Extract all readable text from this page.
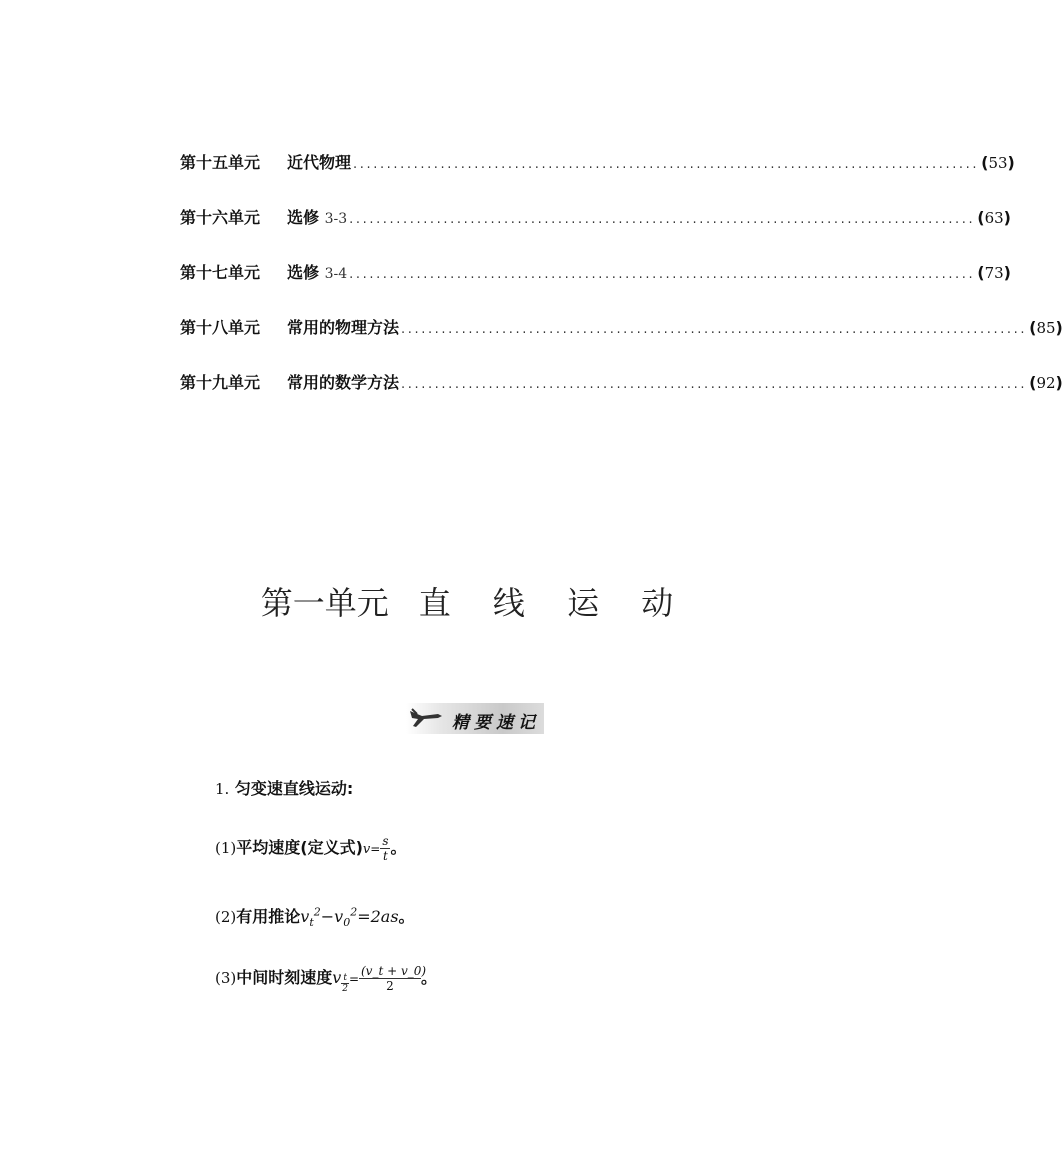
第十五单元	近代物理 ............................................................................................. (53)
第十六单元	选修 3-3 ............................................................................................. (63)
第十七单元	选修 3-4 ............................................................................................. (73)
第十八单元	常用的物理方法 ............................................................................................. (85)
第十九单元	常用的数学方法 ............................................................................................. (92)
第一单元 直 线 运 动
精要速记
1. 匀变速直线运动:
(1)平均速度(定义式)$v= \frac{s}{t}$ 。
(2)有用推论$v_t^2-v_0^2=2as$。
(3)中间时刻速度v $\frac{t}{2} = \frac{(v\_t + v\_0)}{2}$ 。
